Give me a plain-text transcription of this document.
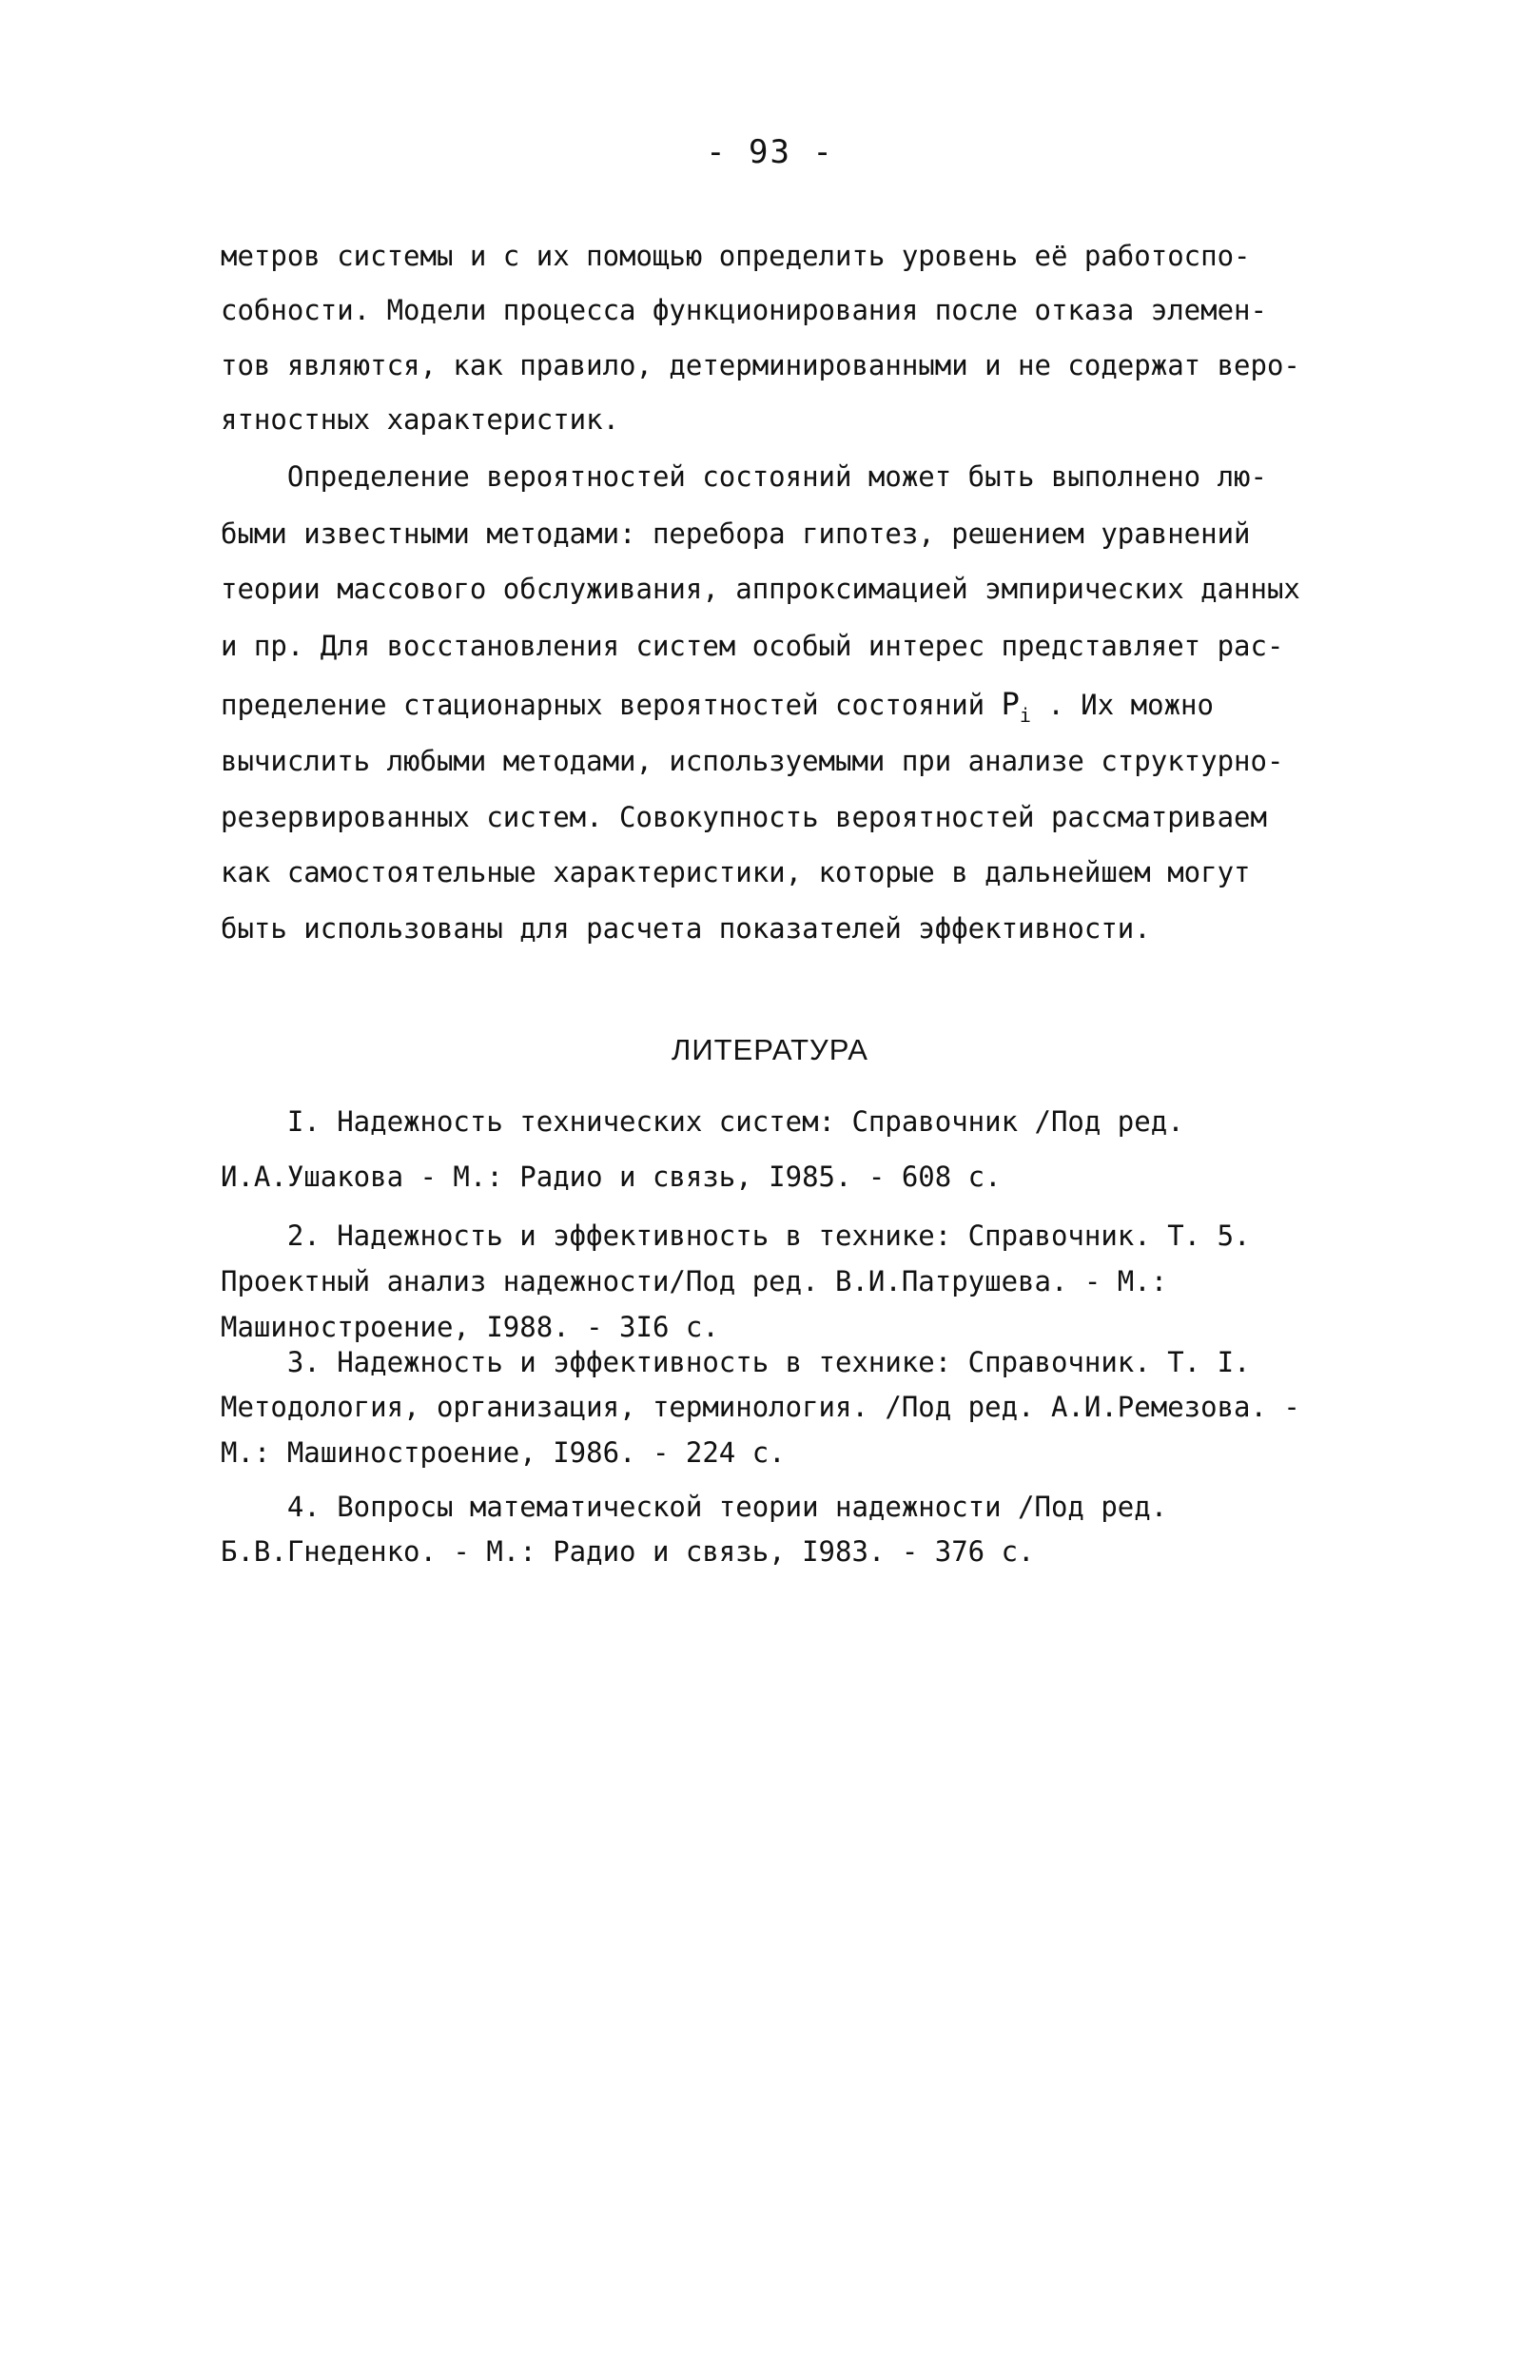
- 93 -
метров системы и с их помощью определить уровень её работоспо-
собности. Модели процесса функционирования после отказа элемен-
тов являются, как правило, детерминированными и не содержат веро-
ятностных характеристик.
Определение вероятностей состояний может быть выполнено лю-
быми известными методами: перебора гипотез, решением уравнений
теории массового обслуживания, аппроксимацией эмпирических данных
и пр. Для восстановления систем особый интерес представляет рас-
пределение стационарных вероятностей состояний $P_i$ . Их можно
вычислить любыми методами, используемыми при анализе структурно-
резервированных систем. Совокупность вероятностей рассматриваем
как самостоятельные характеристики, которые в дальнейшем могут
быть использованы для расчета показателей эффективности.
ЛИТЕРАТУРА
I. Надежность технических систем: Справочник /Под ред.
И.А.Ушакова - М.: Радио и связь, I985. - 608 с.
2. Надежность и эффективность в технике: Справочник. Т. 5.
Проектный анализ надежности/Под ред. В.И.Патрушева. - М.:
Машиностроение, I988. - 3I6 с.
3. Надежность и эффективность в технике: Справочник. Т. I.
Методология, организация, терминология. /Под ред. А.И.Ремезова. -
М.: Машиностроение, I986. - 224 с.
4. Вопросы математической теории надежности /Под ред.
Б.В.Гнеденко. - М.: Радио и связь, I983. - 376 с.
